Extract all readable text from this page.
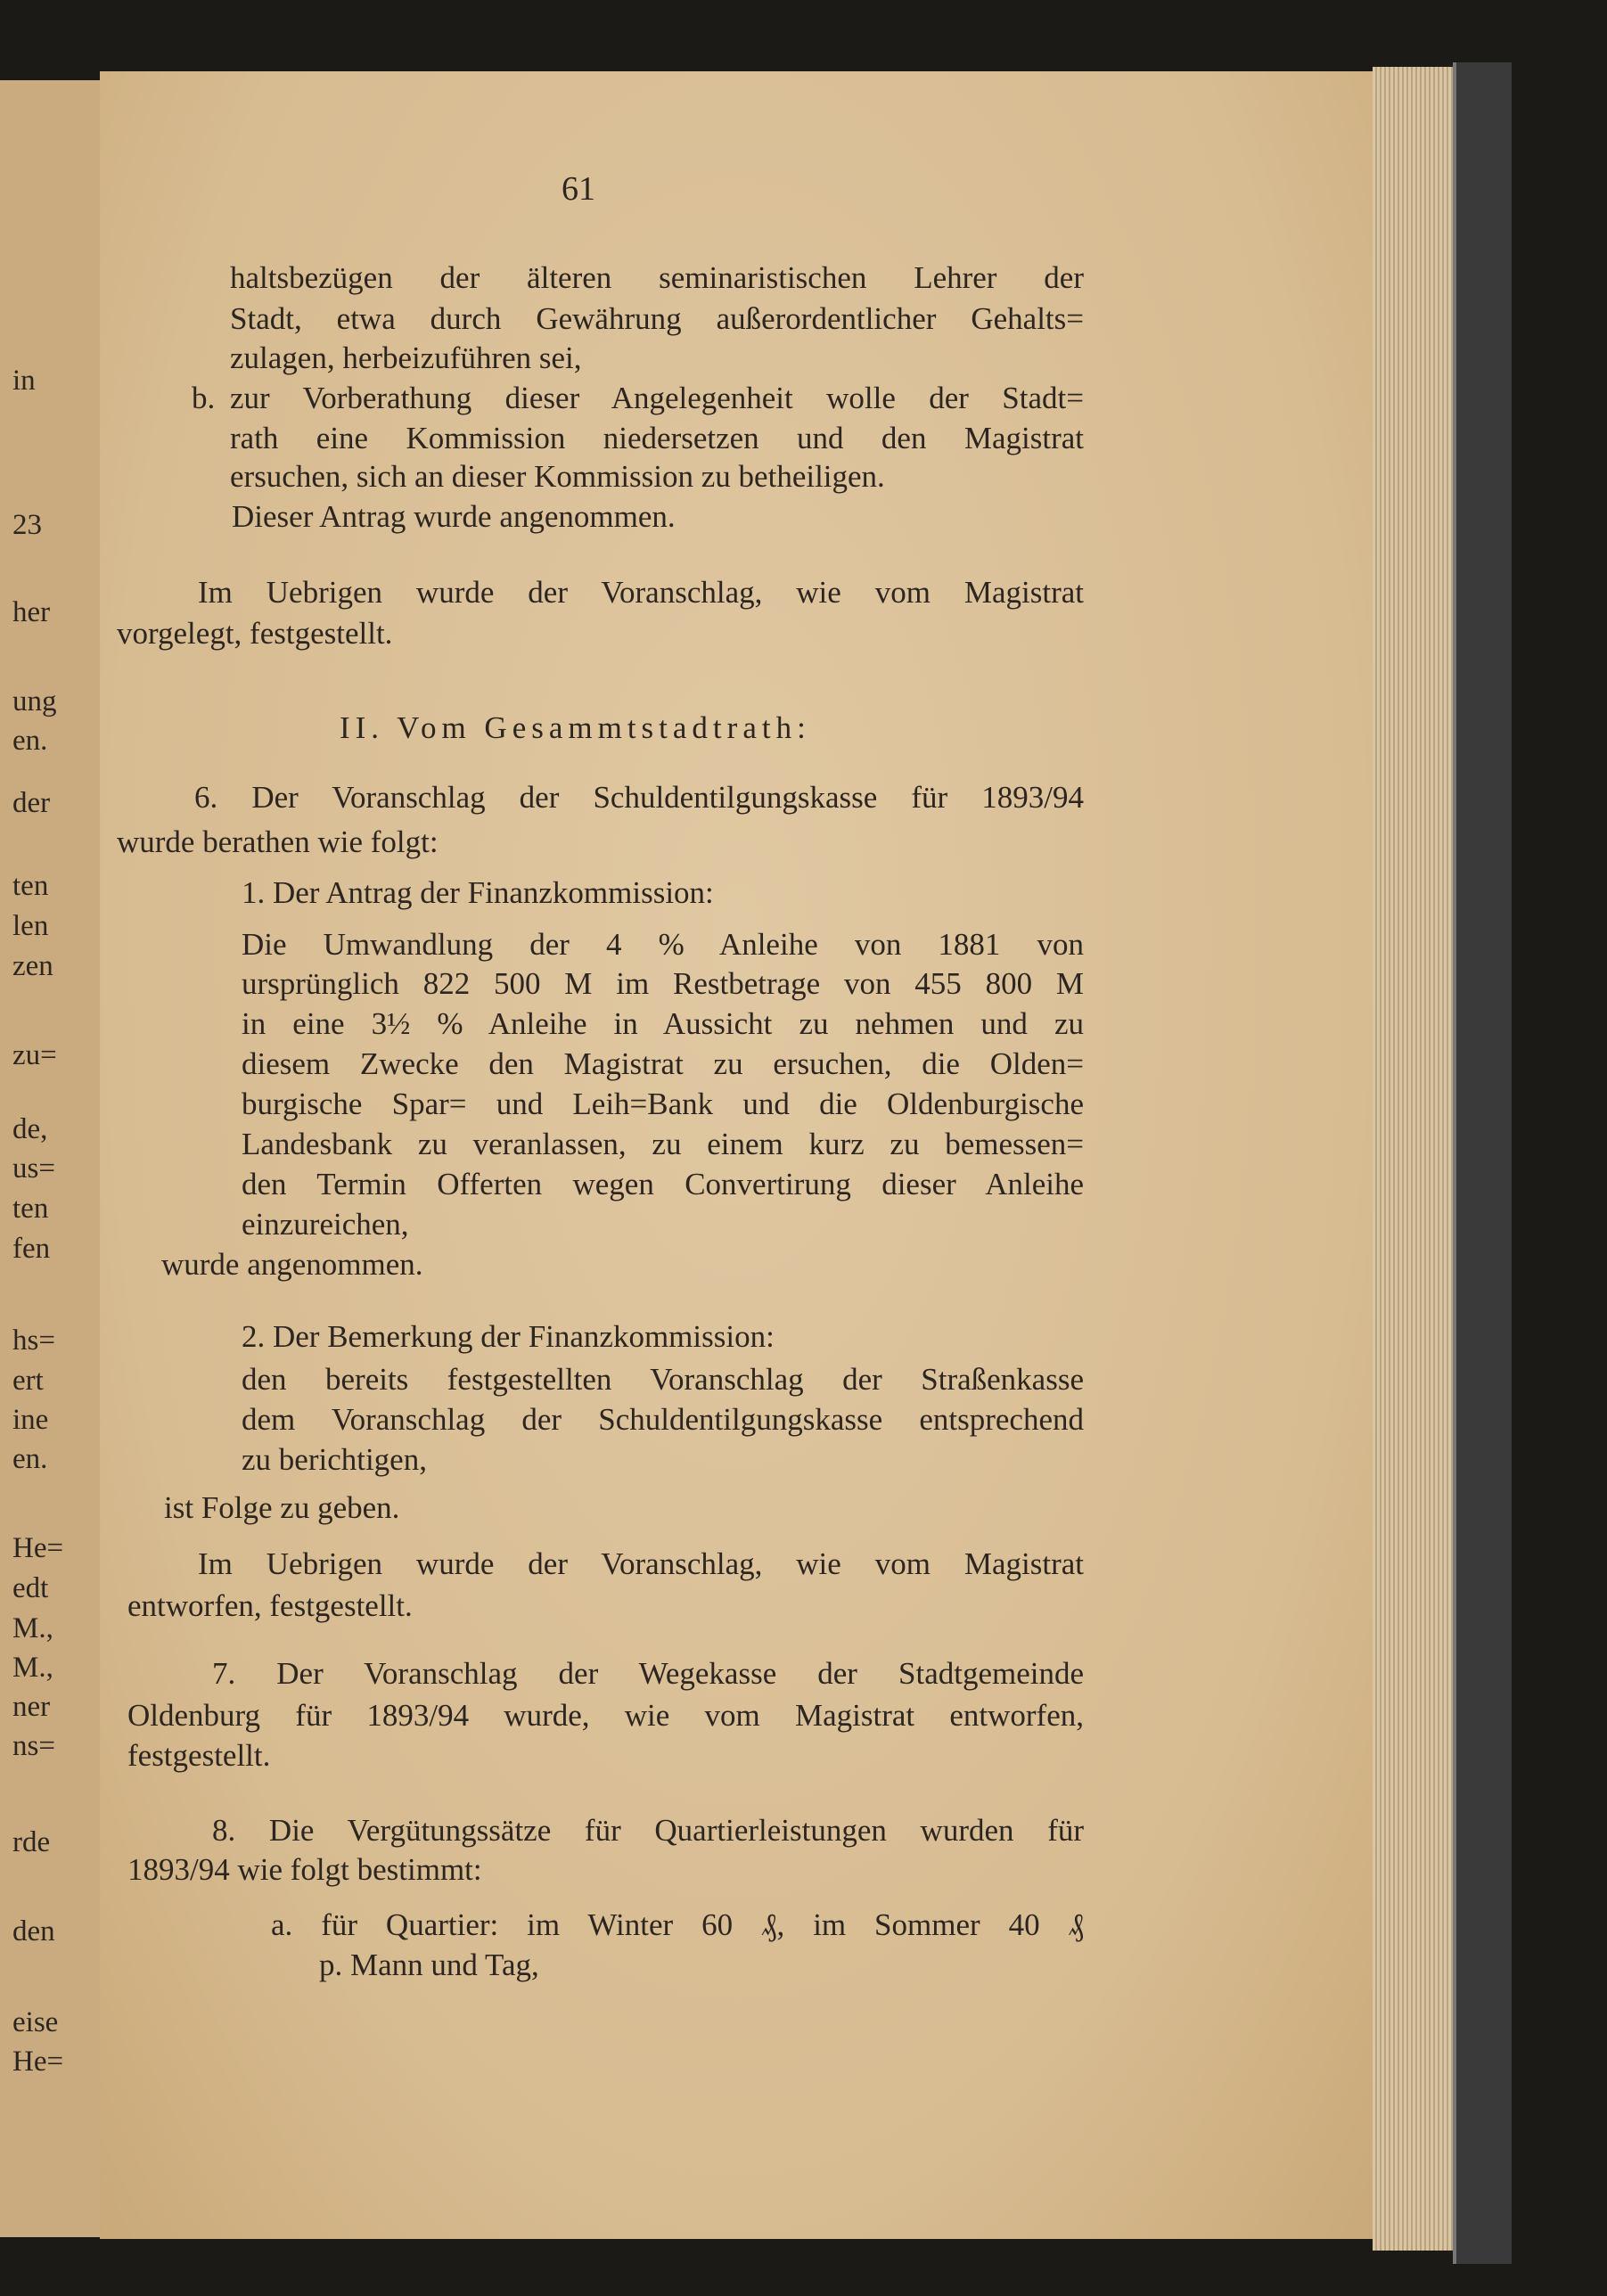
in
23
her
ung
en.
der
ten
len
zen
zu=
de,
us=
ten
fen
hs=
ert
ine
en.
He=
edt
M.,
M.,
ner
ns=
rde
den
eise
He=
61
haltsbezügen der älteren seminaristischen Lehrer der
Stadt, etwa durch Gewährung außerordentlicher Gehalts=
zulagen, herbeizuführen sei,
b. zur Vorberathung dieser Angelegenheit wolle der Stadt=
rath eine Kommission niedersetzen und den Magistrat
ersuchen, sich an dieser Kommission zu betheiligen.
Dieser Antrag wurde angenommen.
Im Uebrigen wurde der Voranschlag, wie vom Magistrat
vorgelegt, festgestellt.
II. Vom Gesammtstadtrath:
6. Der Voranschlag der Schuldentilgungskasse für 1893/94
wurde berathen wie folgt:
1. Der Antrag der Finanzkommission:
Die Umwandlung der 4 % Anleihe von 1881 von
ursprünglich 822 500 M im Restbetrage von 455 800 M
in eine 3½ % Anleihe in Aussicht zu nehmen und zu
diesem Zwecke den Magistrat zu ersuchen, die Olden=
burgische Spar= und Leih=Bank und die Oldenburgische
Landesbank zu veranlassen, zu einem kurz zu bemessen=
den Termin Offerten wegen Convertirung dieser Anleihe
einzureichen,
wurde angenommen.
2. Der Bemerkung der Finanzkommission:
den bereits festgestellten Voranschlag der Straßenkasse
dem Voranschlag der Schuldentilgungskasse entsprechend
zu berichtigen,
ist Folge zu geben.
Im Uebrigen wurde der Voranschlag, wie vom Magistrat
entworfen, festgestellt.
7. Der Voranschlag der Wegekasse der Stadtgemeinde
Oldenburg für 1893/94 wurde, wie vom Magistrat entworfen,
festgestellt.
8. Die Vergütungssätze für Quartierleistungen wurden für
1893/94 wie folgt bestimmt:
a. für Quartier: im Winter 60 ₰, im Sommer 40 ₰
p. Mann und Tag,
